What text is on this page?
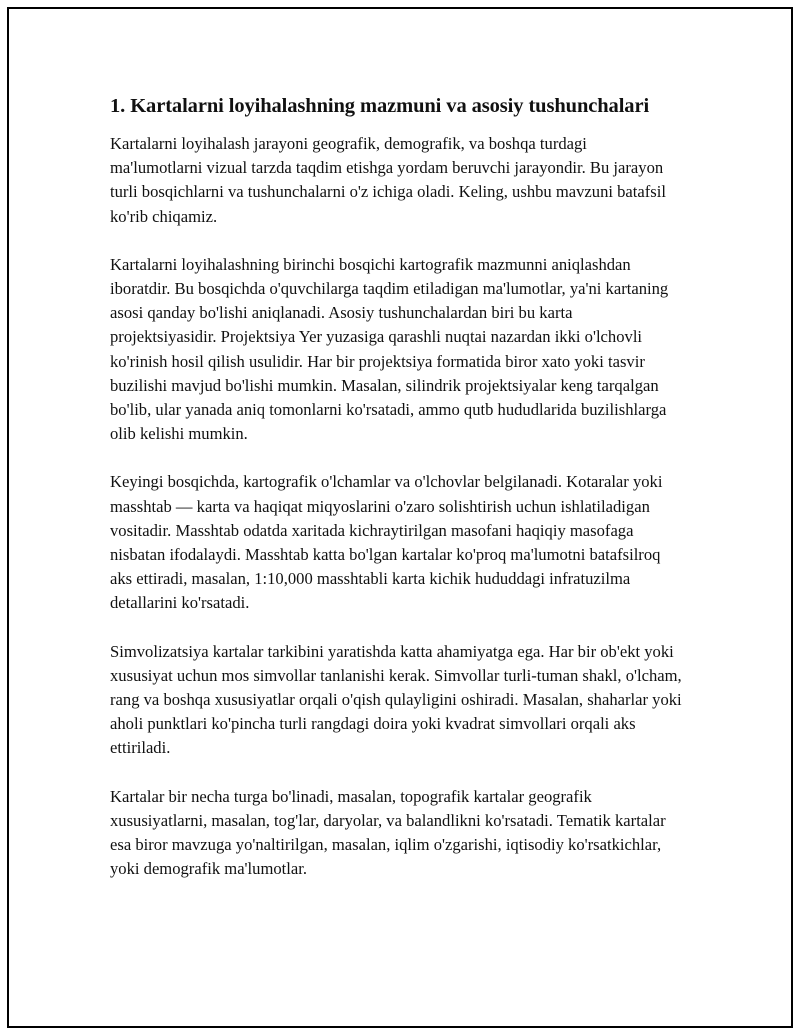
1. Kartalarni loyihalashning mazmuni va asosiy tushunchalari

Kartalarni loyihalash jarayoni geografik, demografik, va boshqa turdagi ma'lumotlarni vizual tarzda taqdim etishga yordam beruvchi jarayondir. Bu jarayon turli bosqichlarni va tushunchalarni o'z ichiga oladi. Keling, ushbu mavzuni batafsil ko'rib chiqamiz.

Kartalarni loyihalashning birinchi bosqichi kartografik mazmunni aniqlashdan iboratdir. Bu bosqichda o'quvchilarga taqdim etiladigan ma'lumotlar, ya'ni kartaning asosi qanday bo'lishi aniqlanadi. Asosiy tushunchalardan biri bu karta projektsiyasidir. Projektsiya Yer yuzasiga qarashli nuqtai nazardan ikki o'lchovli ko'rinish hosil qilish usulidir. Har bir projektsiya formatida biror xato yoki tasvir buzilishi mavjud bo'lishi mumkin. Masalan, silindrik projektsiyalar keng tarqalgan bo'lib, ular yanada aniq tomonlarni ko'rsatadi, ammo qutb hududlarida buzilishlarga olib kelishi mumkin.

Keyingi bosqichda, kartografik o'lchamlar va o'lchovlar belgilanadi. Kotaralar yoki masshtab — karta va haqiqat miqyoslarini o'zaro solishtirish uchun ishlatiladigan vositadir. Masshtab odatda xaritada kichraytirilgan masofani haqiqiy masofaga nisbatan ifodalaydi. Masshtab katta bo'lgan kartalar ko'proq ma'lumotni batafsilroq aks ettiradi, masalan, 1:10,000 masshtabli karta kichik hududdagi infratuzilma detallarini ko'rsatadi.

Simvolizatsiya kartalar tarkibini yaratishda katta ahamiyatga ega. Har bir ob'ekt yoki xususiyat uchun mos simvollar tanlanishi kerak. Simvollar turli-tuman shakl, o'lcham, rang va boshqa xususiyatlar orqali o'qish qulayligini oshiradi. Masalan, shaharlar yoki aholi punktlari ko'pincha turli rangdagi doira yoki kvadrat simvollari orqali aks ettiriladi.

Kartalar bir necha turga bo'linadi, masalan, topografik kartalar geografik xususiyatlarni, masalan, tog'lar, daryolar, va balandlikni ko'rsatadi. Tematik kartalar esa biror mavzuga yo'naltirilgan, masalan, iqlim o'zgarishi, iqtisodiy ko'rsatkichlar, yoki demografik ma'lumotlar.
